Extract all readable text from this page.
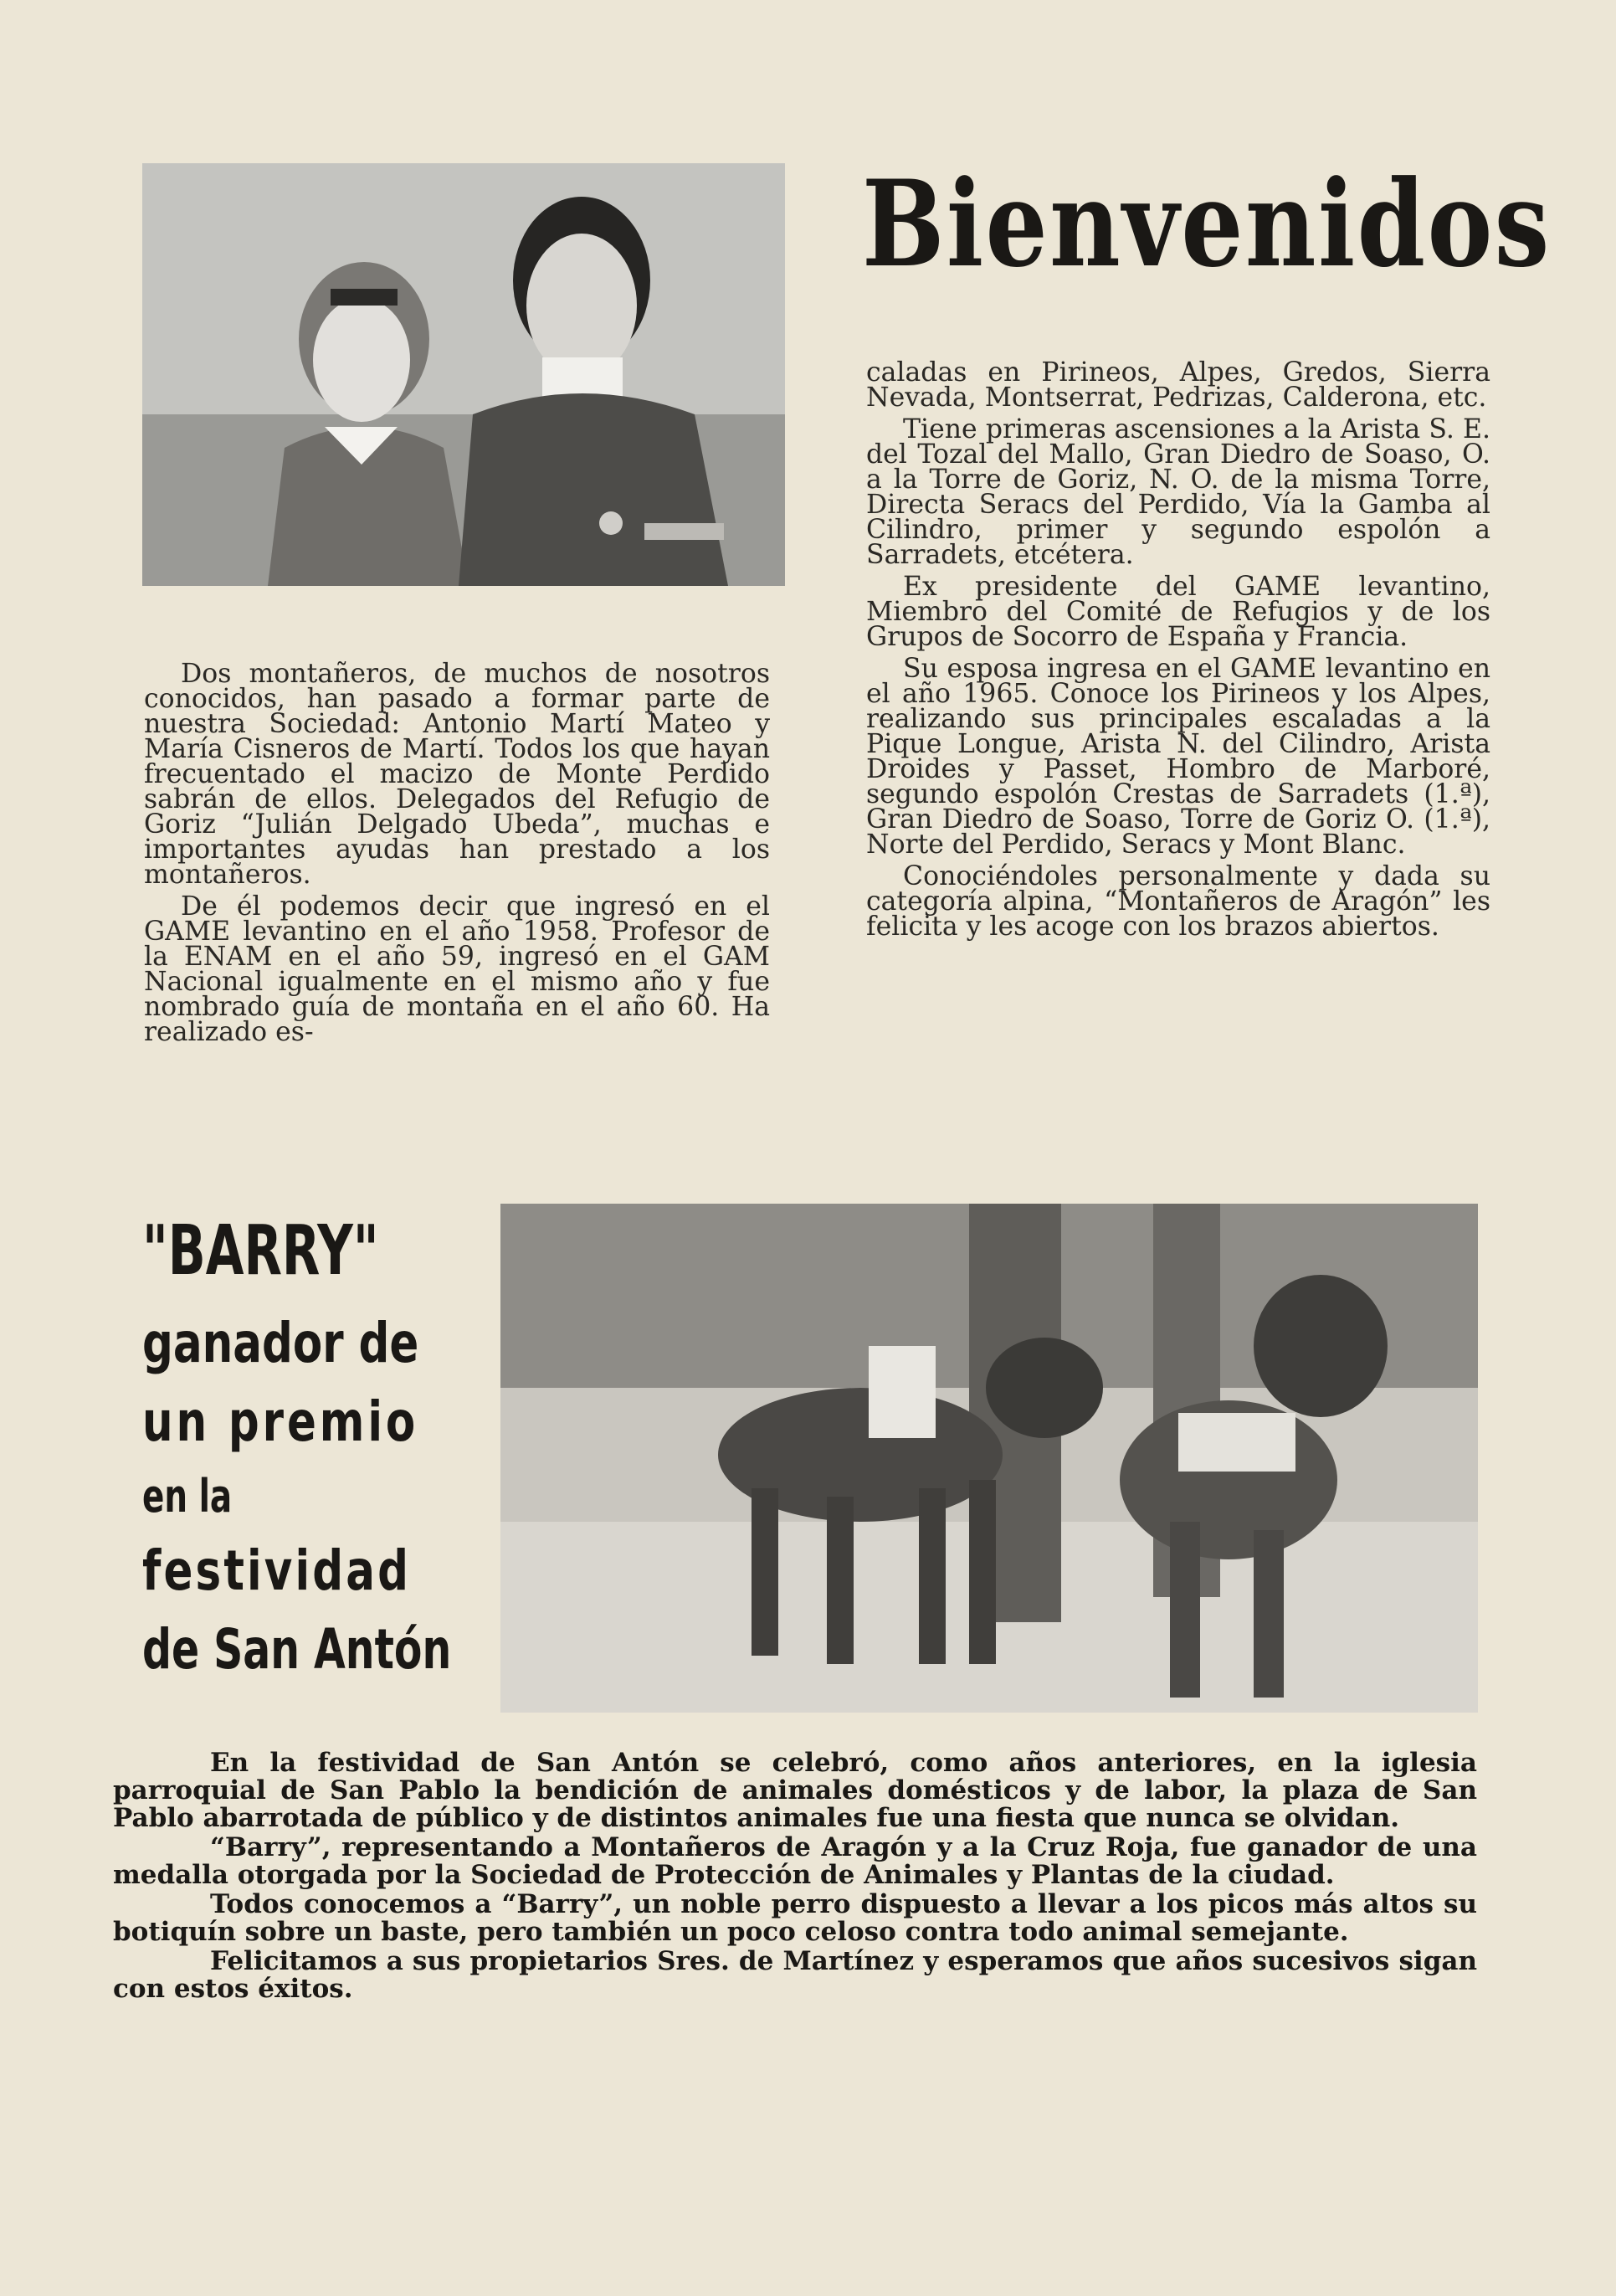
Bienvenidos

Dos montañeros, de muchos de nosotros conocidos, han pasado a formar parte de nuestra Sociedad: Antonio Martí Mateo y María Cisneros de Martí. Todos los que hayan frecuentado el macizo de Monte Perdido sabrán de ellos. Delegados del Refugio de Goriz “Julián Delgado Ubeda”, muchas e importantes ayudas han prestado a los montañeros.

De él podemos decir que ingresó en el GAME levantino en el año 1958. Profesor de la ENAM en el año 59, ingresó en el GAM Nacional igualmente en el mismo año y fue nombrado guía de montaña en el año 60. Ha realizado es-

caladas en Pirineos, Alpes, Gredos, Sierra Nevada, Montserrat, Pedrizas, Calderona, etc.

Tiene primeras ascensiones a la Arista S. E. del Tozal del Mallo, Gran Diedro de Soaso, O. a la Torre de Goriz, N. O. de la misma Torre, Directa Seracs del Perdido, Vía la Gamba al Cilindro, primer y segundo espolón a Sarradets, etcétera.

Ex presidente del GAME levantino, Miembro del Comité de Refugios y de los Grupos de Socorro de España y Francia.

Su esposa ingresa en el GAME levantino en el año 1965. Conoce los Pirineos y los Alpes, realizando sus principales escaladas a la Pique Longue, Arista N. del Cilindro, Arista Droides y Passet, Hombro de Marboré, segundo espolón Crestas de Sarradets (1.ª), Gran Diedro de Soaso, Torre de Goriz O. (1.ª), Norte del Perdido, Seracs y Mont Blanc.

Conociéndoles personalmente y dada su categoría alpina, “Montañeros de Aragón” les felicita y les acoge con los brazos abiertos.

"BARRY"
ganador de
un premio
en la
festividad
de San Antón

En la festividad de San Antón se celebró, como años anteriores, en la iglesia parroquial de San Pablo la bendición de animales domésticos y de labor, la plaza de San Pablo abarrotada de público y de distintos animales fue una fiesta que nunca se olvidan.

“Barry”, representando a Montañeros de Aragón y a la Cruz Roja, fue ganador de una medalla otorgada por la Sociedad de Protección de Animales y Plantas de la ciudad.

Todos conocemos a “Barry”, un noble perro dispuesto a llevar a los picos más altos su botiquín sobre un baste, pero también un poco celoso contra todo animal semejante.

Felicitamos a sus propietarios Sres. de Martínez y esperamos que años sucesivos sigan con estos éxitos.
